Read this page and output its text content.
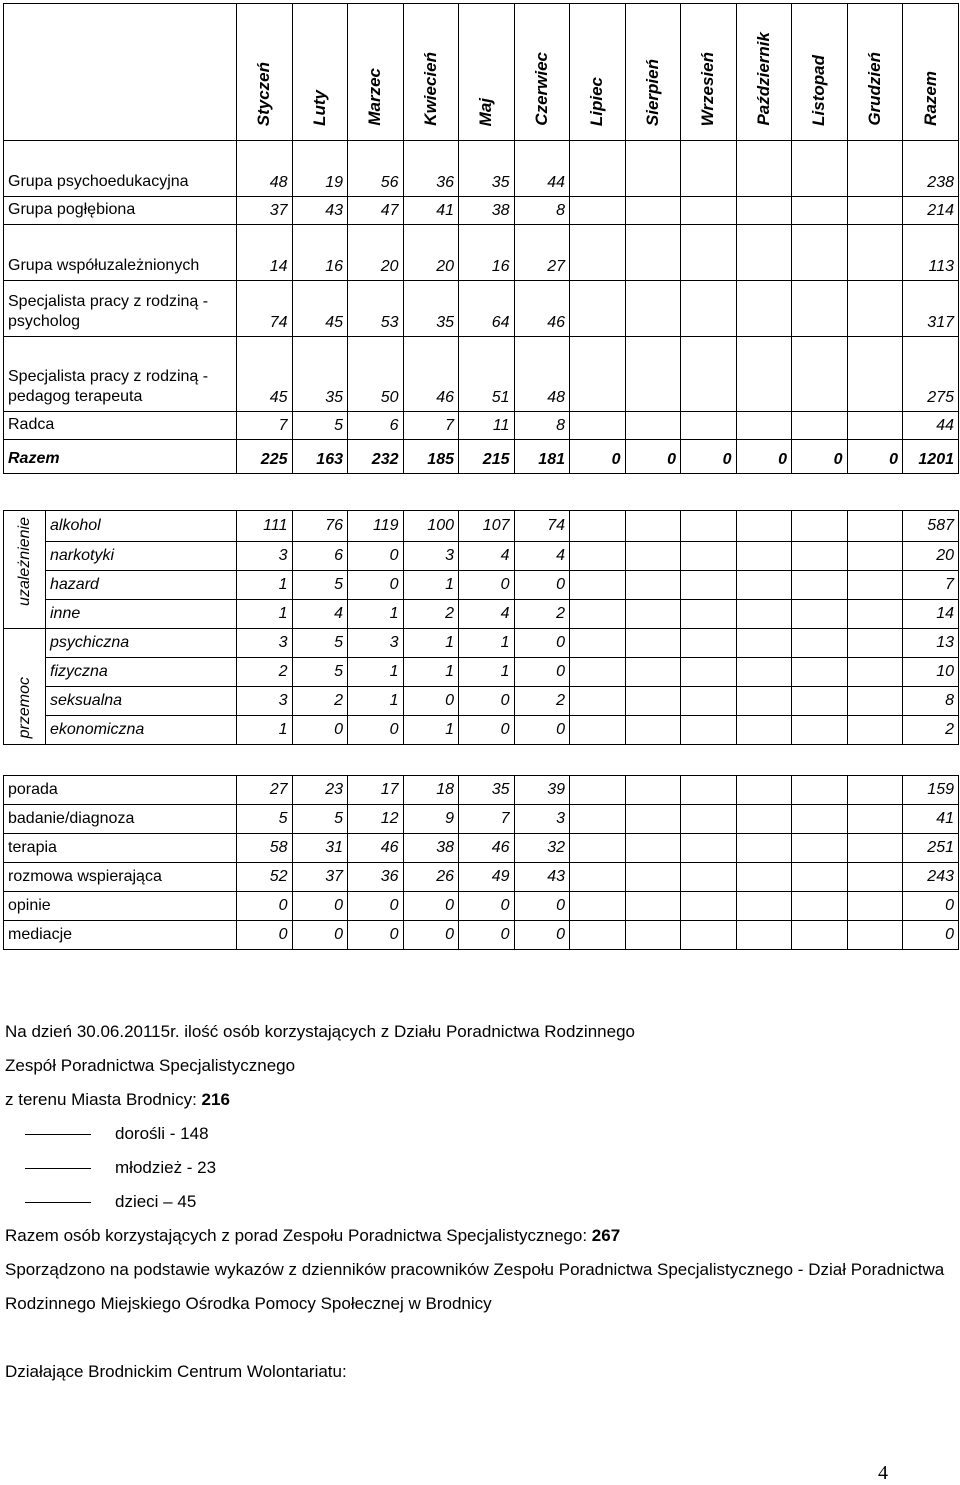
	Styczeń	Luty	Marzec	Kwiecień	Maj	Czerwiec	Lipiec	Sierpień	Wrzesień	Październik	Listopad	Grudzień	Razem

Grupa psychoedukacyjna	48	19	56	36	35	44							238
Grupa pogłębiona	37	43	47	41	38	8							214
Grupa współuzależnionych	14	16	20	20	16	27							113
Specjalista pracy z rodziną - psycholog	74	45	53	35	64	46							317
Specjalista pracy z rodziną - pedagog terapeuta	45	35	50	46	51	48							275
Radca	7	5	6	7	11	8							44
Razem	225	163	232	185	215	181	0	0	0	0	0	0	1201
uzależnienie	alkohol	111	76	119	100	107	74							587
	narkotyki	3	6	0	3	4	4							20
	hazard	1	5	0	1	0	0							7
	inne	1	4	1	2	4	2							14

przemoc	psychiczna	3	5	3	1	1	0							13
	fizyczna	2	5	1	1	1	0							10
	seksualna	3	2	1	0	0	2							8
	ekonomiczna	1	0	0	1	0	0							2
porada	27	23	17	18	35	39							159
badanie/diagnoza	5	5	12	9	7	3							41
terapia	58	31	46	38	46	32							251
rozmowa wspierająca	52	37	36	26	49	43							243
opinie	0	0	0	0	0	0							0
mediacje	0	0	0	0	0	0							0

Na dzień 30.06.20115r. ilość osób korzystających z Działu Poradnictwa Rodzinnego

Zespół Poradnictwa Specjalistycznego

z terenu Miasta Brodnicy: 216

dorośli - 148

młodzież - 23

dzieci – 45

Razem osób korzystających z porad Zespołu Poradnictwa Specjalistycznego: 267

Sporządzono na podstawie wykazów z dzienników pracowników Zespołu Poradnictwa Specjalistycznego - Dział Poradnictwa Rodzinnego Miejskiego Ośrodka Pomocy Społecznej w Brodnicy

Działające Brodnickim Centrum Wolontariatu:

4
